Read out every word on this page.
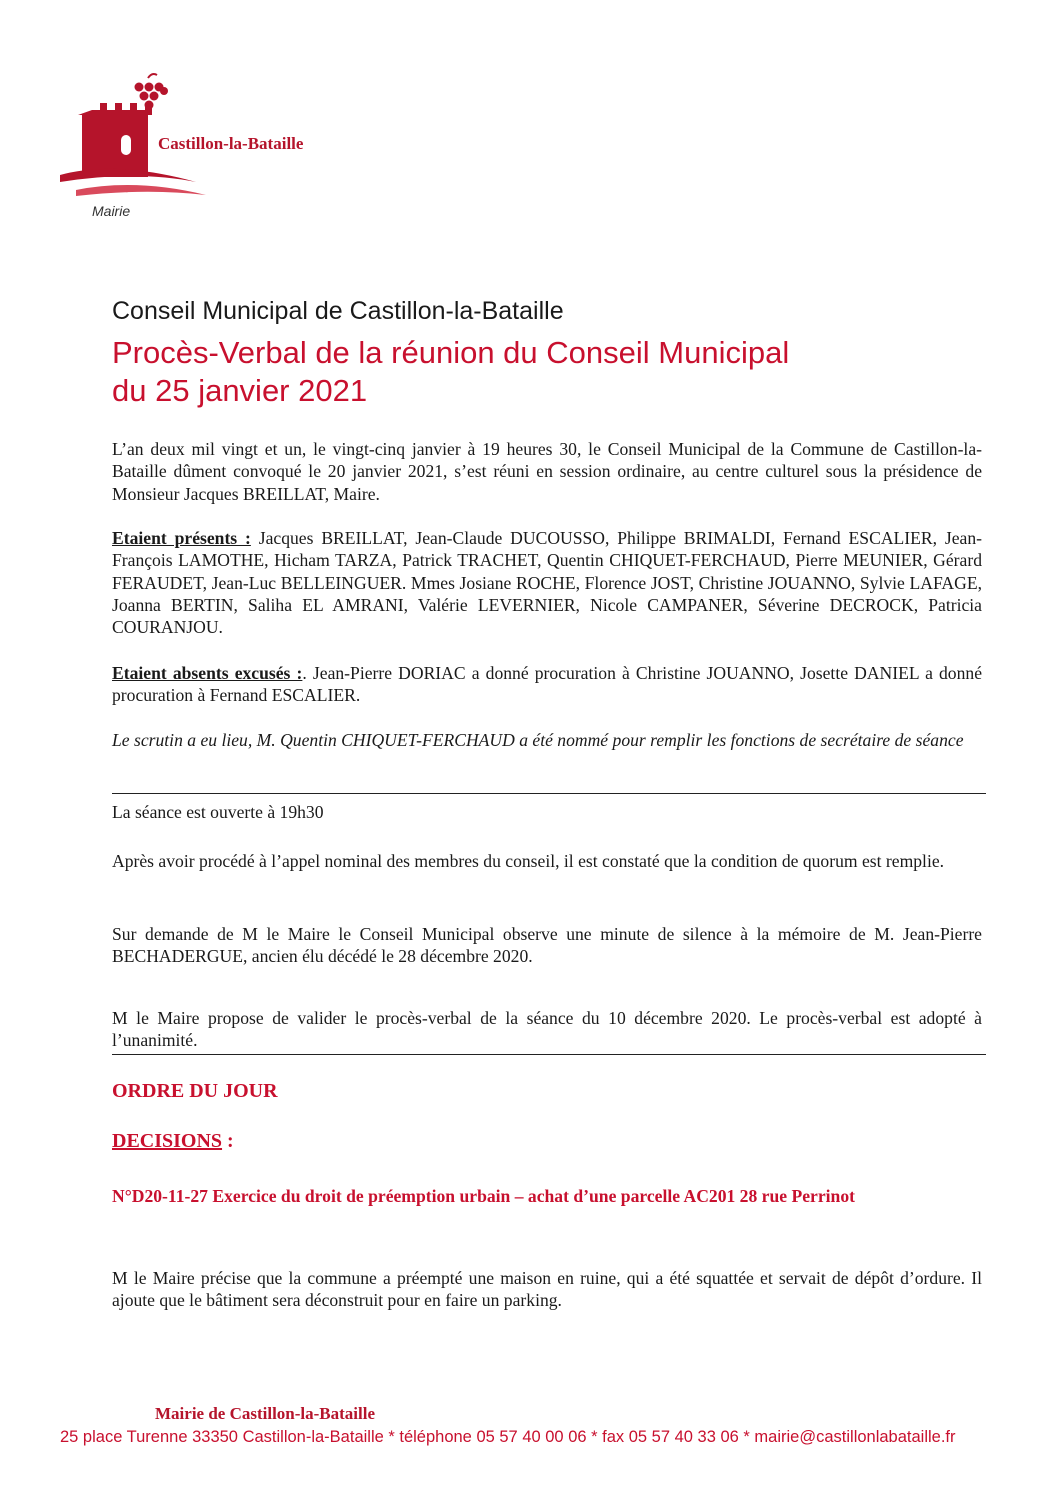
Castillon-la-Bataille
Mairie
Conseil Municipal de Castillon-la-Bataille
Procès-Verbal de la réunion du Conseil Municipal
du 25 janvier 2021
L’an deux mil vingt et un, le vingt-cinq janvier à 19 heures 30, le Conseil Municipal de la Commune de Castillon-la-Bataille dûment convoqué le 20 janvier 2021, s’est réuni en session ordinaire, au centre culturel sous la présidence de Monsieur Jacques BREILLAT, Maire.
Etaient présents : Jacques BREILLAT, Jean-Claude DUCOUSSO, Philippe BRIMALDI, Fernand ESCALIER, Jean-François LAMOTHE, Hicham TARZA, Patrick TRACHET, Quentin CHIQUET-FERCHAUD, Pierre MEUNIER, Gérard FERAUDET, Jean-Luc BELLEINGUER. Mmes Josiane ROCHE, Florence JOST, Christine JOUANNO, Sylvie LAFAGE, Joanna BERTIN, Saliha EL AMRANI, Valérie LEVERNIER, Nicole CAMPANER, Séverine DECROCK, Patricia COURANJOU.
Etaient absents excusés :. Jean-Pierre DORIAC a donné procuration à Christine JOUANNO, Josette DANIEL a donné procuration à Fernand ESCALIER.
Le scrutin a eu lieu, M. Quentin CHIQUET-FERCHAUD a été nommé pour remplir les fonctions de secrétaire de séance
La séance est ouverte à 19h30
Après avoir procédé à l’appel nominal des membres du conseil, il est constaté que la condition de quorum est remplie.
Sur demande de M le Maire le Conseil Municipal observe une minute de silence à la mémoire de M. Jean-Pierre BECHADERGUE, ancien élu décédé le 28 décembre 2020.
M le Maire propose de valider le procès-verbal de la séance du 10 décembre 2020. Le procès-verbal est adopté à l’unanimité.
ORDRE DU JOUR
DECISIONS :
N°D20-11-27 Exercice du droit de préemption urbain – achat d’une parcelle AC201 28 rue Perrinot
M le Maire précise que la commune a préempté une maison en ruine, qui a été squattée et servait de dépôt d’ordure. Il ajoute que le bâtiment sera déconstruit pour en faire un parking.
Mairie de Castillon-la-Bataille
25 place Turenne 33350 Castillon-la-Bataille * téléphone 05 57 40 00 06 * fax 05 57 40 33 06 * mairie@castillonlabataille.fr
